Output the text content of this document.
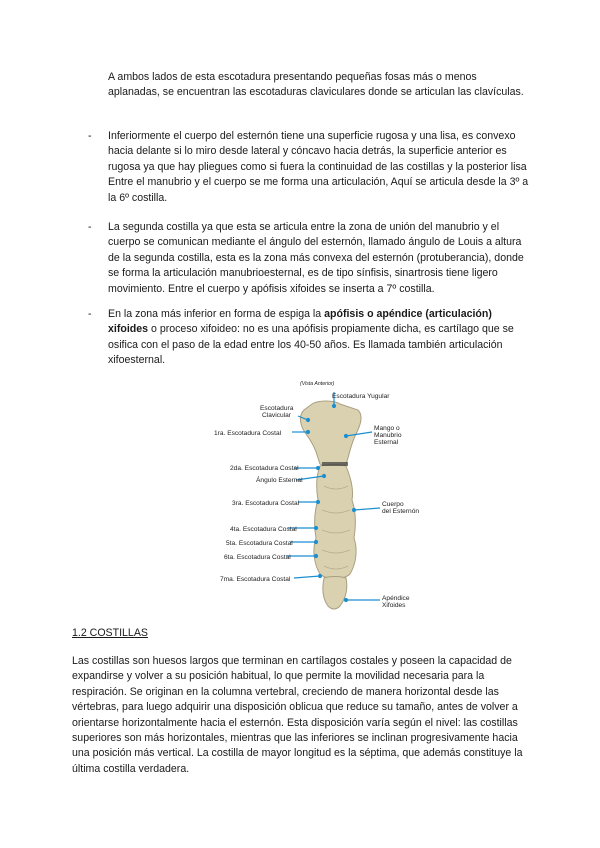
A ambos lados de esta escotadura presentando pequeñas fosas más o menos aplanadas, se encuentran las escotaduras claviculares donde se articulan las clavículas.

- Inferiormente el cuerpo del esternón tiene una superficie rugosa y una lisa, es convexo hacia delante si lo miro desde lateral y cóncavo hacia detrás, la superficie anterior es rugosa ya que hay pliegues como si fuera la continuidad de las costillas y la posterior lisa Entre el manubrio y el cuerpo se me forma una articulación, Aquí se articula desde la 3º a la 6º costilla.

- La segunda costilla ya que esta se articula entre la zona de unión del manubrio y el cuerpo se comunican mediante el ángulo del esternón, llamado ángulo de Louis a altura de la segunda costilla, esta es la zona más convexa del esternón (protuberancia), donde se forma la articulación manubrioesternal, es de tipo sínfisis, sinartrosis tiene ligero movimiento. Entre el cuerpo y apófisis xifoides se inserta a 7º costilla.

- En la zona más inferior en forma de espiga la apófisis o apéndice (articulación) xifoides o proceso xifoideo: no es una apófisis propiamente dicha, es cartílago que se osifica con el paso de la edad entre los 40-50 años. Es llamada también articulación xifoesternal.

(Vista Anterior)
Escotadura Yugular
Escotadura
Clavicular
1ra. Escotadura Costal
Mango o
Manubrio
Esternal
2da. Escotadura Costal
Ángulo Esternal
3ra. Escotadura Costal	Cuerpo
del Esternón
4ta. Escotadura Costal
5ta. Escotadura Costal
6ta. Escotadura Costal
7ma. Escotadura Costal
Apéndice
Xifoides
1.2 COSTILLAS

Las costillas son huesos largos que terminan en cartílagos costales y poseen la capacidad de expandirse y volver a su posición habitual, lo que permite la movilidad necesaria para la respiración. Se originan en la columna vertebral, creciendo de manera horizontal desde las vértebras, para luego adquirir una disposición oblicua que reduce su tamaño, antes de volver a orientarse horizontalmente hacia el esternón. Esta disposición varía según el nivel: las costillas superiores son más horizontales, mientras que las inferiores se inclinan progresivamente hacia una posición más vertical. La costilla de mayor longitud es la séptima, que además constituye la última costilla verdadera.
